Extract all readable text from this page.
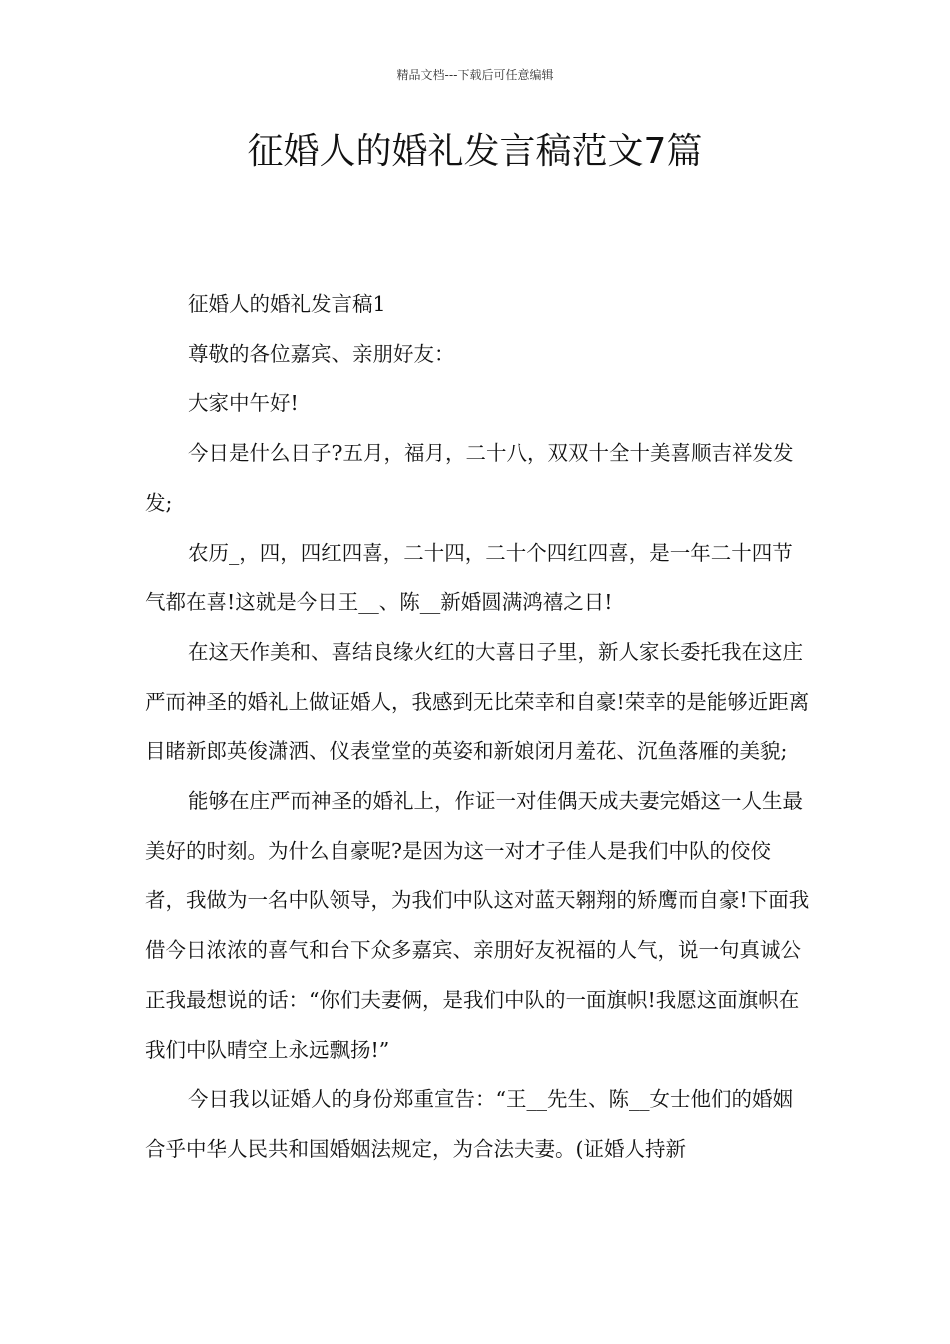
精品文档---下载后可任意编辑
征婚人的婚礼发言稿范文7篇

征婚人的婚礼发言稿1

尊敬的各位嘉宾、亲朋好友：

大家中午好!

今日是什么日子?五月，福月，二十八，双双十全十美喜顺吉祥发发发;

农历_，四，四红四喜，二十四，二十个四红四喜，是一年二十四节气都在喜!这就是今日王__、陈__新婚圆满鸿禧之日!

在这天作美和、喜结良缘火红的大喜日子里，新人家长委托我在这庄严而神圣的婚礼上做证婚人，我感到无比荣幸和自豪!荣幸的是能够近距离目睹新郎英俊潇洒、仪表堂堂的英姿和新娘闭月羞花、沉鱼落雁的美貌;

能够在庄严而神圣的婚礼上，作证一对佳偶天成夫妻完婚这一人生最美好的时刻。为什么自豪呢?是因为这一对才子佳人是我们中队的佼佼者，我做为一名中队领导，为我们中队这对蓝天翱翔的矫鹰而自豪!下面我借今日浓浓的喜气和台下众多嘉宾、亲朋好友祝福的人气，说一句真诚公正我最想说的话：“你们夫妻俩，是我们中队的一面旗帜!我愿这面旗帜在我们中队晴空上永远飘扬!”

今日我以证婚人的身份郑重宣告：“王__先生、陈__女士他们的婚姻合乎中华人民共和国婚姻法规定，为合法夫妻。(证婚人持新
